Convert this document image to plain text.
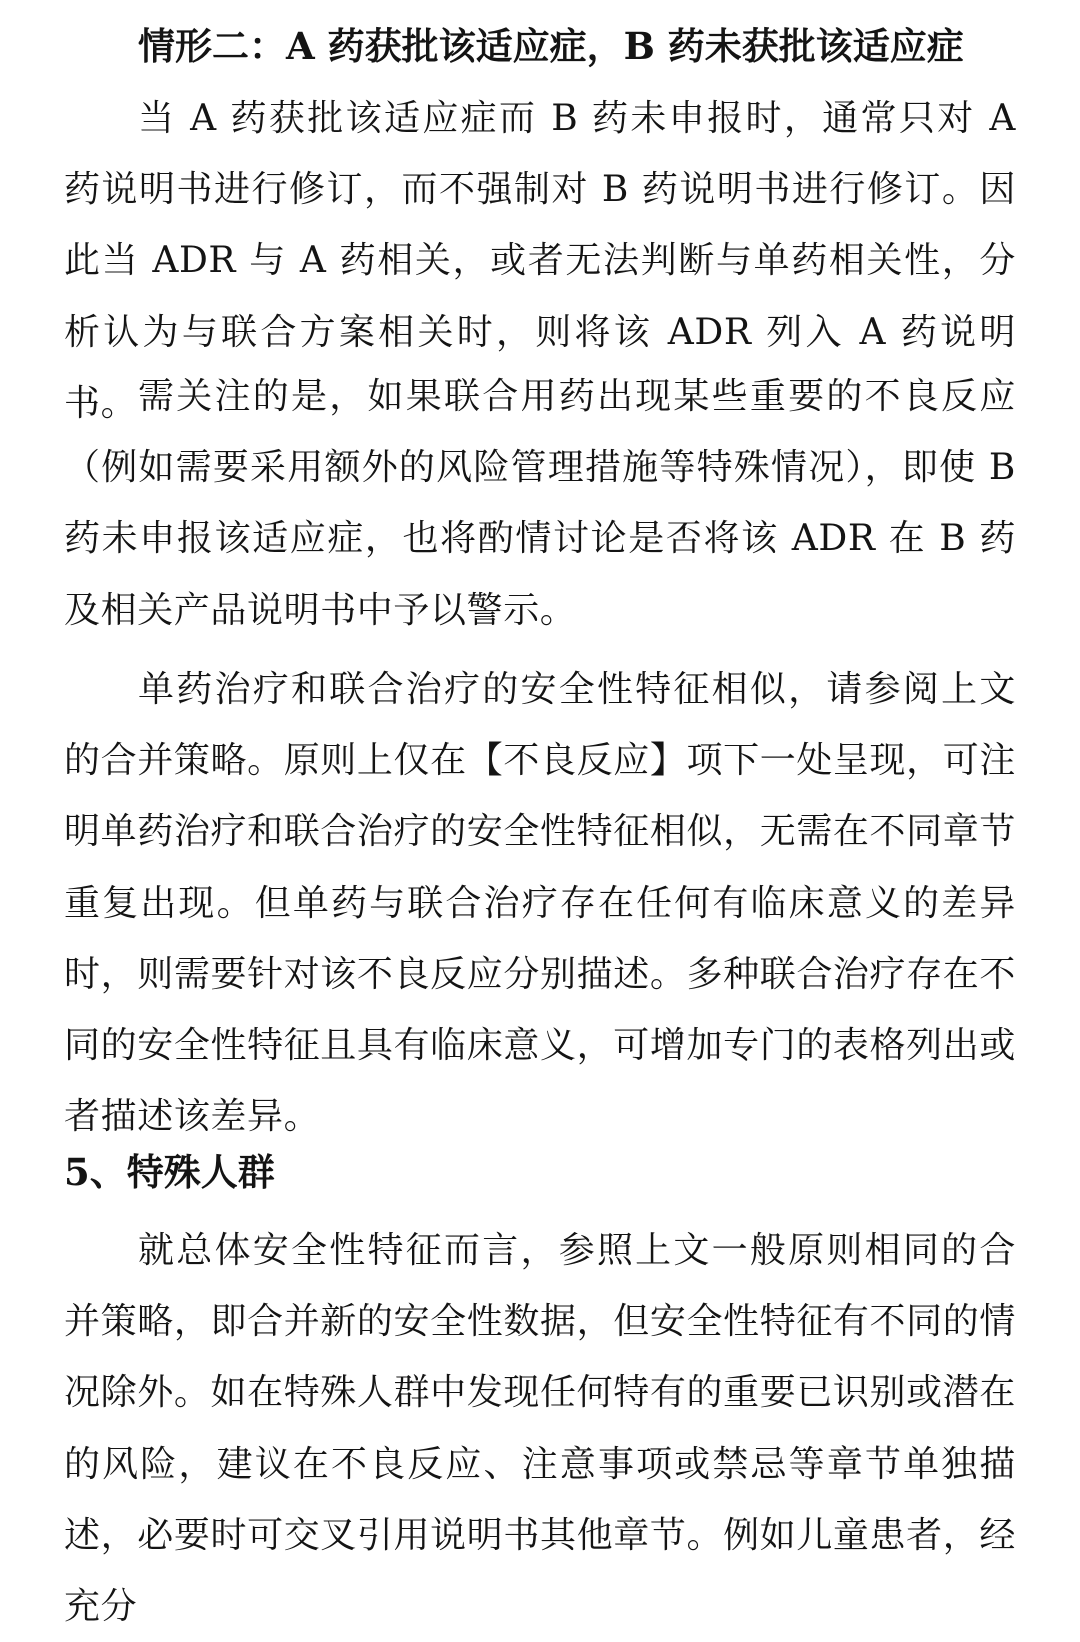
情形二：A 药获批该适应症，B 药未获批该适应症

当 A 药获批该适应症而 B 药未申报时，通常只对 A 药说明书进行修订，而不强制对 B 药说明书进行修订。因此当 ADR 与 A 药相关，或者无法判断与单药相关性，分析认为与联合方案相关时，则将该 ADR 列入 A 药说明书。 需关注的是，如果联合用药出现某些重要的不良反应（例如需要采用额外的风险管理措施等特殊情况），即使 B 药未申报该适应症，也将酌情讨论是否将该 ADR 在 B 药及相关产品说明书中予以警示。

单药治疗和联合治疗的安全性特征相似，请参阅上文的合并策略。原则上仅在【不良反应】项下一处呈现，可注明单药治疗和联合治疗的安全性特征相似，无需在不同章节重复出现。但单药与联合治疗存在任何有临床意义的差异时，则需要针对该不良反应分别描述。多种联合治疗存在不同的安全性特征且具有临床意义，可增加专门的表格列出或者描述该差异。

5、特殊人群

就总体安全性特征而言，参照上文一般原则相同的合并策略，即合并新的安全性数据，但安全性特征有不同的情况除外。如在特殊人群中发现任何特有的重要已识别或潜在的风险，建议在不良反应、注意事项或禁忌等章节单独描述，必要时可交叉引用说明书其他章节。例如儿童患者，经充分
